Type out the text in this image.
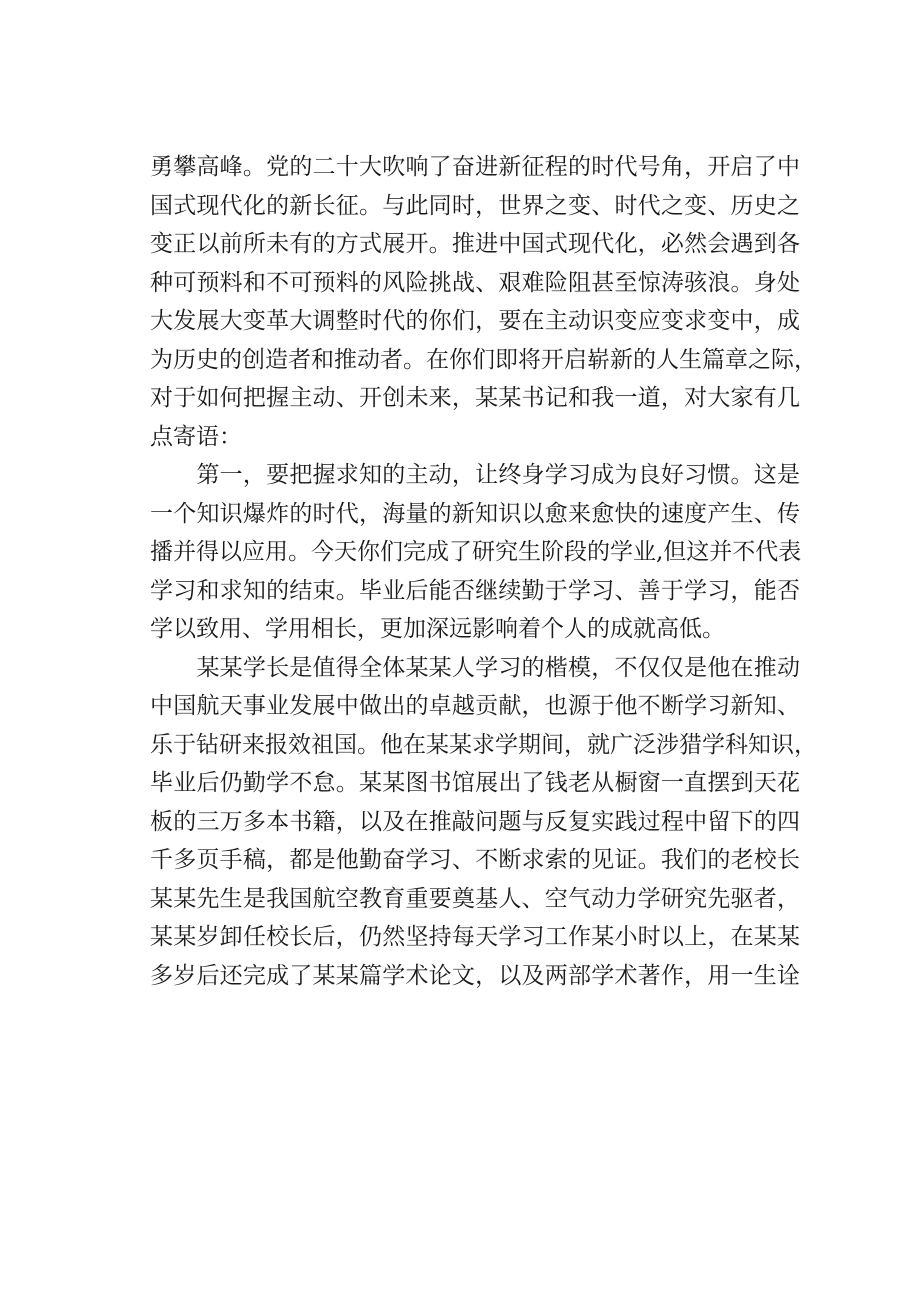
勇攀高峰。党的二十大吹响了奋进新征程的时代号角，开启了中
国式现代化的新长征。与此同时，世界之变、时代之变、历史之
变正以前所未有的方式展开。推进中国式现代化，必然会遇到各
种可预料和不可预料的风险挑战、艰难险阻甚至惊涛骇浪。身处
大发展大变革大调整时代的你们，要在主动识变应变求变中，成
为历史的创造者和推动者。在你们即将开启崭新的人生篇章之际，
对于如何把握主动、开创未来，某某书记和我一道，对大家有几
点寄语：
　　第一，要把握求知的主动，让终身学习成为良好习惯。这是
一个知识爆炸的时代，海量的新知识以愈来愈快的速度产生、传
播并得以应用。今天你们完成了研究生阶段的学业,但这并不代表
学习和求知的结束。毕业后能否继续勤于学习、善于学习，能否
学以致用、学用相长，更加深远影响着个人的成就高低。
　　某某学长是值得全体某某人学习的楷模，不仅仅是他在推动
中国航天事业发展中做出的卓越贡献，也源于他不断学习新知、
乐于钻研来报效祖国。他在某某求学期间，就广泛涉猎学科知识，
毕业后仍勤学不怠。某某图书馆展出了钱老从橱窗一直摆到天花
板的三万多本书籍，以及在推敲问题与反复实践过程中留下的四
千多页手稿，都是他勤奋学习、不断求索的见证。我们的老校长
某某先生是我国航空教育重要奠基人、空气动力学研究先驱者，
某某岁卸任校长后，仍然坚持每天学习工作某小时以上，在某某
多岁后还完成了某某篇学术论文，以及两部学术著作，用一生诠
